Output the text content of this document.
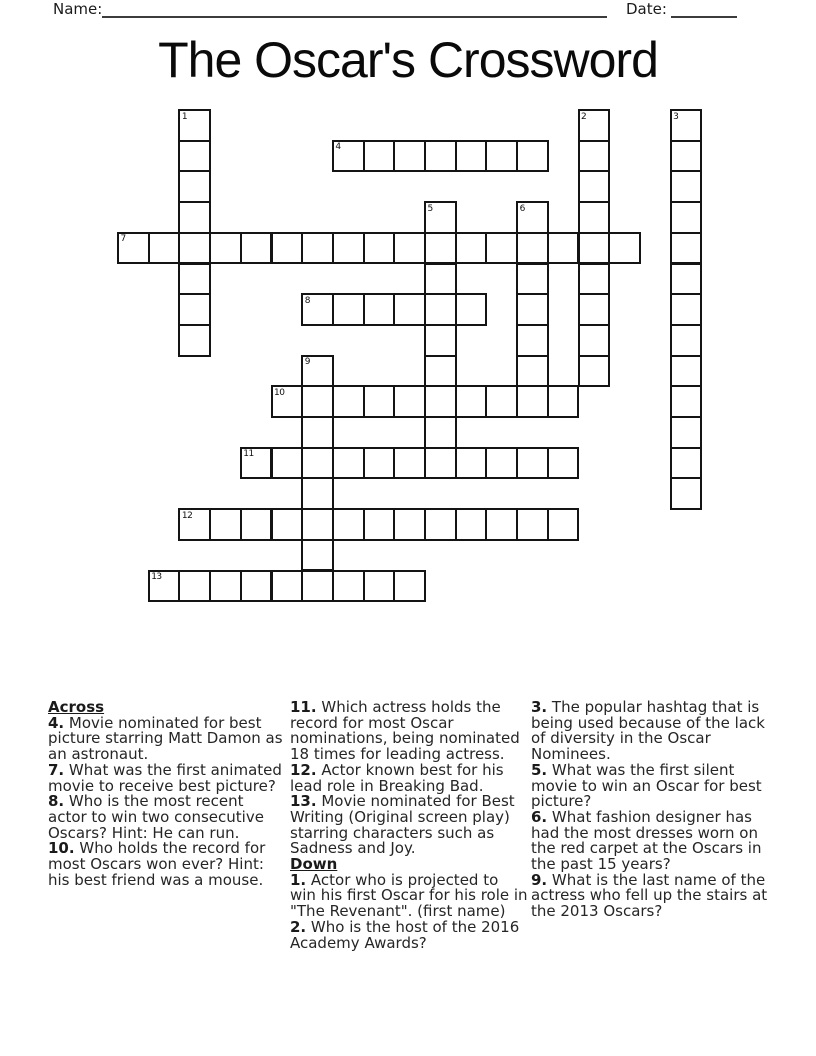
Name:	Date:
The Oscar's Crossword
1	2	3
4
5	6
7
8
9
10
11
12
13

Across

4. Movie nominated for best picture starring Matt Damon as an astronaut.

7. What was the first animated movie to receive best picture?

8. Who is the most recent actor to win two consecutive Oscars? Hint: He can run.

10. Who holds the record for most Oscars won ever? Hint: his best friend was a mouse.

11. Which actress holds the record for most Oscar nominations, being nominated 18 times for leading actress.

12. Actor known best for his lead role in Breaking Bad.

13. Movie nominated for Best Writing (Original screen play) starring characters such as Sadness and Joy.

Down

1. Actor who is projected to win his first Oscar for his role in "The Revenant". (first name)

2. Who is the host of the 2016 Academy Awards?

3. The popular hashtag that is being used because of the lack of diversity in the Oscar Nominees.

5. What was the first silent movie to win an Oscar for best picture?

6. What fashion designer has had the most dresses worn on the red carpet at the Oscars in the past 15 years?

9. What is the last name of the actress who fell up the stairs at the 2013 Oscars?
